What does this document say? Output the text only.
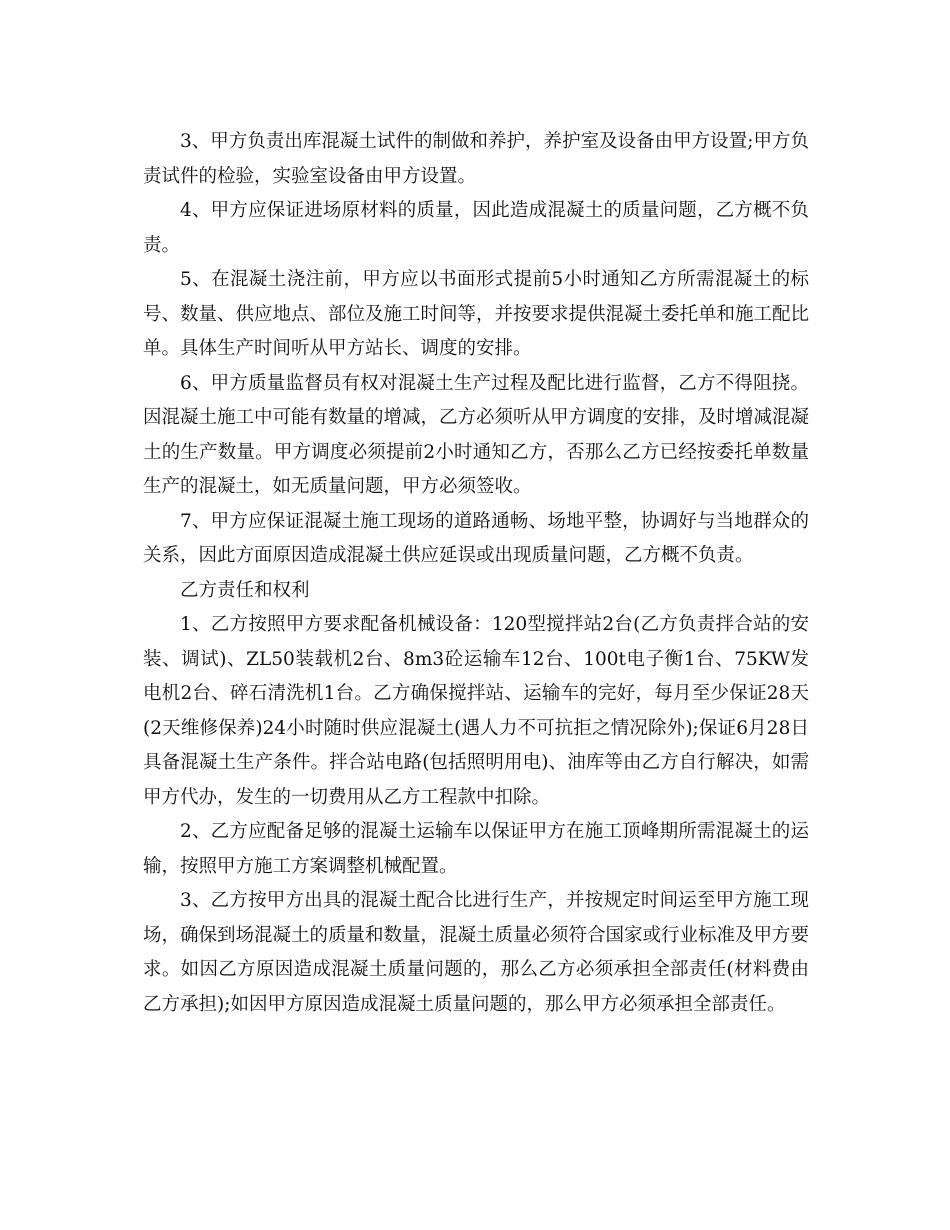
3、甲方负责出库混凝土试件的制做和养护，养护室及设备由甲方设置;甲方负责试件的检验，实验室设备由甲方设置。

4、甲方应保证进场原材料的质量，因此造成混凝土的质量问题，乙方概不负责。

5、在混凝土浇注前，甲方应以书面形式提前5小时通知乙方所需混凝土的标号、数量、供应地点、部位及施工时间等，并按要求提供混凝土委托单和施工配比单。具体生产时间听从甲方站长、调度的安排。

6、甲方质量监督员有权对混凝土生产过程及配比进行监督，乙方不得阻挠。因混凝土施工中可能有数量的增减，乙方必须听从甲方调度的安排，及时增减混凝土的生产数量。甲方调度必须提前2小时通知乙方，否那么乙方已经按委托单数量生产的混凝土，如无质量问题，甲方必须签收。

7、甲方应保证混凝土施工现场的道路通畅、场地平整，协调好与当地群众的关系，因此方面原因造成混凝土供应延误或出现质量问题，乙方概不负责。

乙方责任和权利

1、乙方按照甲方要求配备机械设备：120型搅拌站2台(乙方负责拌合站的安装、调试)、ZL50装载机2台、8m3砼运输车12台、100t电子衡1台、75KW发电机2台、碎石清洗机1台。乙方确保搅拌站、运输车的完好，每月至少保证28天(2天维修保养)24小时随时供应混凝土(遇人力不可抗拒之情况除外);保证6月28日具备混凝土生产条件。拌合站电路(包括照明用电)、油库等由乙方自行解决，如需甲方代办，发生的一切费用从乙方工程款中扣除。

2、乙方应配备足够的混凝土运输车以保证甲方在施工顶峰期所需混凝土的运输，按照甲方施工方案调整机械配置。

3、乙方按甲方出具的混凝土配合比进行生产，并按规定时间运至甲方施工现场，确保到场混凝土的质量和数量，混凝土质量必须符合国家或行业标准及甲方要求。如因乙方原因造成混凝土质量问题的，那么乙方必须承担全部责任(材料费由乙方承担);如因甲方原因造成混凝土质量问题的，那么甲方必须承担全部责任。
